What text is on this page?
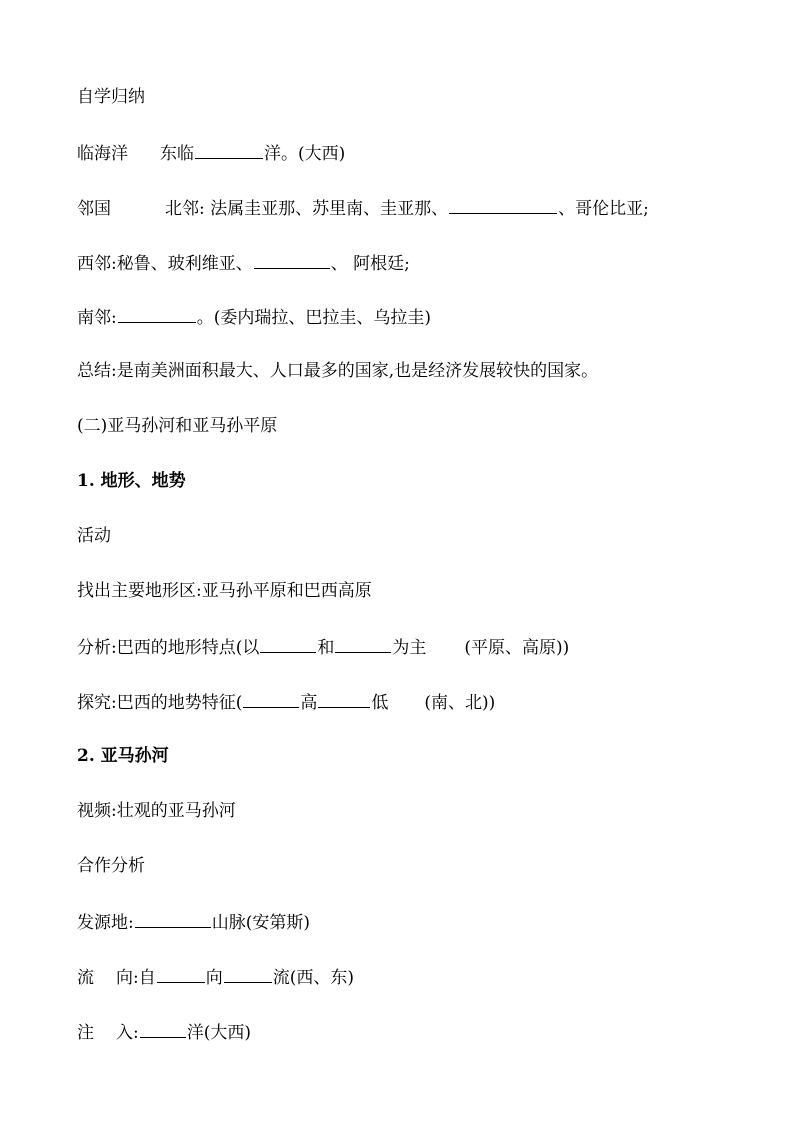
自学归纳
临海洋 东临	洋。(大西)
邻国	北邻: 法属圭亚那、苏里南、圭亚那、	、哥伦比亚;
西邻:秘鲁、玻利维亚、	、 阿根廷;
南邻:	。(委内瑞拉、巴拉圭、乌拉圭)
总结:是南美洲面积最大、人口最多的国家,也是经济发展较快的国家。
(二)亚马孙河和亚马孙平原
1. 地形、地势
活动
找出主要地形区:亚马孙平原和巴西高原
分析:巴西的地形特点(以	和	为主 (平原、高原))
探究:巴西的地势特征(	高	低 (南、北))
2. 亚马孙河
视频:壮观的亚马孙河
合作分析
发源地:	山脉(安第斯)
流 向:自	向	流(西、东)
注 入:	洋(大西)
